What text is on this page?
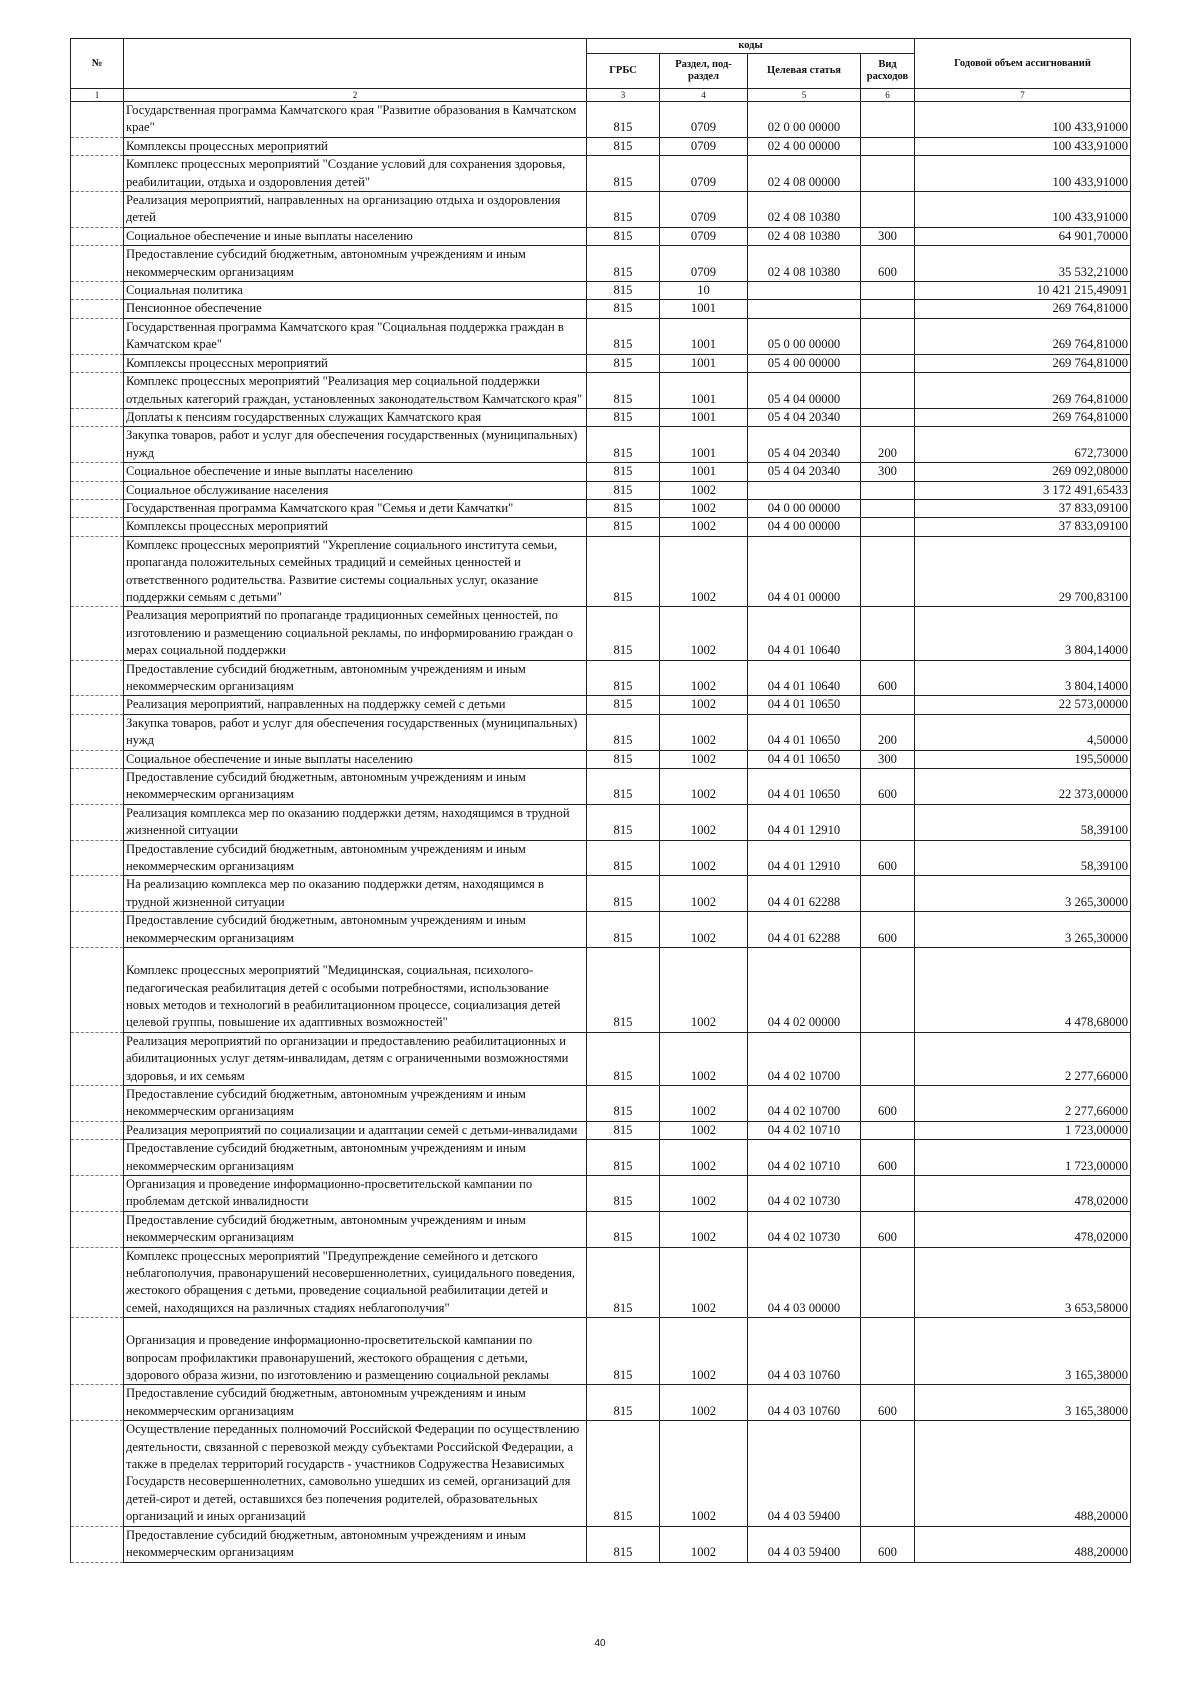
№		коды				Годовой объем ассигнований
		ГРБС	Раздел, под-раздел	Целевая статья	Вид расходов	
1	2	3	4	5	6	7
	Государственная программа Камчатского края "Развитие образования в Камчатском крае"	815	0709	02 0 00 00000		100 433,91000
	Комплексы процессных мероприятий	815	0709	02 4 00 00000		100 433,91000
	Комплекс процессных мероприятий "Создание условий для сохранения здоровья, реабилитации, отдыха и оздоровления детей"	815	0709	02 4 08 00000		100 433,91000
	Реализация мероприятий, направленных на организацию отдыха и оздоровления детей	815	0709	02 4 08 10380		100 433,91000
	Социальное обеспечение и иные выплаты населению	815	0709	02 4 08 10380	300	64 901,70000
	Предоставление субсидий бюджетным, автономным учреждениям и иным некоммерческим организациям	815	0709	02 4 08 10380	600	35 532,21000
	Социальная политика	815	10			10 421 215,49091
	Пенсионное обеспечение	815	1001			269 764,81000
	Государственная программа Камчатского края "Социальная поддержка граждан в Камчатском крае"	815	1001	05 0 00 00000		269 764,81000
	Комплексы процессных мероприятий	815	1001	05 4 00 00000		269 764,81000
	Комплекс процессных мероприятий "Реализация мер социальной поддержки отдельных категорий граждан, установленных законодательством Камчатского края"	815	1001	05 4 04 00000		269 764,81000
	Доплаты к пенсиям государственных служащих Камчатского края	815	1001	05 4 04 20340		269 764,81000
	Закупка товаров, работ и услуг для обеспечения государственных (муниципальных) нужд	815	1001	05 4 04 20340	200	672,73000
	Социальное обеспечение и иные выплаты населению	815	1001	05 4 04 20340	300	269 092,08000
	Социальное обслуживание населения	815	1002			3 172 491,65433
	Государственная программа Камчатского края "Семья и дети Камчатки"	815	1002	04 0 00 00000		37 833,09100
	Комплексы процессных мероприятий	815	1002	04 4 00 00000		37 833,09100
	Комплекс процессных мероприятий "Укрепление социального института семьи, пропаганда положительных семейных традиций и семейных ценностей и ответственного родительства. Развитие системы социальных услуг, оказание поддержки семьям с детьми"	815	1002	04 4 01 00000		29 700,83100
	Реализация мероприятий по пропаганде традиционных семейных ценностей, по изготовлению и размещению социальной рекламы, по информированию граждан о мерах социальной поддержки	815	1002	04 4 01 10640		3 804,14000
	Предоставление субсидий бюджетным, автономным учреждениям и иным некоммерческим организациям	815	1002	04 4 01 10640	600	3 804,14000
	Реализация мероприятий, направленных на поддержку семей с детьми	815	1002	04 4 01 10650		22 573,00000
	Закупка товаров, работ и услуг для обеспечения государственных (муниципальных) нужд	815	1002	04 4 01 10650	200	4,50000
	Социальное обеспечение и иные выплаты населению	815	1002	04 4 01 10650	300	195,50000
	Предоставление субсидий бюджетным, автономным учреждениям и иным некоммерческим организациям	815	1002	04 4 01 10650	600	22 373,00000
	Реализация комплекса мер по оказанию поддержки детям, находящимся в трудной жизненной ситуации	815	1002	04 4 01 12910		58,39100
	Предоставление субсидий бюджетным, автономным учреждениям и иным некоммерческим организациям	815	1002	04 4 01 12910	600	58,39100
	На реализацию комплекса мер по оказанию поддержки детям, находящимся в трудной жизненной ситуации	815	1002	04 4 01 62288		3 265,30000
	Предоставление субсидий бюджетным, автономным учреждениям и иным некоммерческим организациям	815	1002	04 4 01 62288	600	3 265,30000
	Комплекс процессных мероприятий "Медицинская, социальная, психолого-педагогическая реабилитация детей с особыми потребностями, использование новых методов и технологий в реабилитационном процессе, социализация детей целевой группы, повышение их адаптивных возможностей"	815	1002	04 4 02 00000		4 478,68000
	Реализация мероприятий по организации и предоставлению реабилитационных и абилитационных услуг детям-инвалидам, детям с ограниченными возможностями здоровья, и их семьям	815	1002	04 4 02 10700		2 277,66000
	Предоставление субсидий бюджетным, автономным учреждениям и иным некоммерческим организациям	815	1002	04 4 02 10700	600	2 277,66000
	Реализация мероприятий по социализации и адаптации семей с детьми-инвалидами	815	1002	04 4 02 10710		1 723,00000
	Предоставление субсидий бюджетным, автономным учреждениям и иным некоммерческим организациям	815	1002	04 4 02 10710	600	1 723,00000
	Организация и проведение информационно-просветительской кампании по проблемам детской инвалидности	815	1002	04 4 02 10730		478,02000
	Предоставление субсидий бюджетным, автономным учреждениям и иным некоммерческим организациям	815	1002	04 4 02 10730	600	478,02000
	Комплекс процессных мероприятий "Предупреждение семейного и детского неблагополучия, правонарушений несовершеннолетних, суицидального поведения, жестокого обращения с детьми, проведение социальной реабилитации детей и семей, находящихся на различных стадиях неблагополучия"	815	1002	04 4 03 00000		3 653,58000
	Организация и проведение информационно-просветительской кампании по вопросам профилактики правонарушений, жестокого обращения с детьми, здорового образа жизни, по изготовлению и размещению социальной рекламы	815	1002	04 4 03 10760		3 165,38000
	Предоставление субсидий бюджетным, автономным учреждениям и иным некоммерческим организациям	815	1002	04 4 03 10760	600	3 165,38000
	Осуществление переданных полномочий Российской Федерации по осуществлению деятельности, связанной с перевозкой между субъектами Российской Федерации, а также в пределах территорий государств - участников Содружества Независимых Государств несовершеннолетних, самовольно ушедших из семей, организаций для детей-сирот и детей, оставшихся без попечения родителей, образовательных организаций и иных организаций	815	1002	04 4 03 59400		488,20000
	Предоставление субсидий бюджетным, автономным учреждениям и иным некоммерческим организациям	815	1002	04 4 03 59400	600	488,20000
40
